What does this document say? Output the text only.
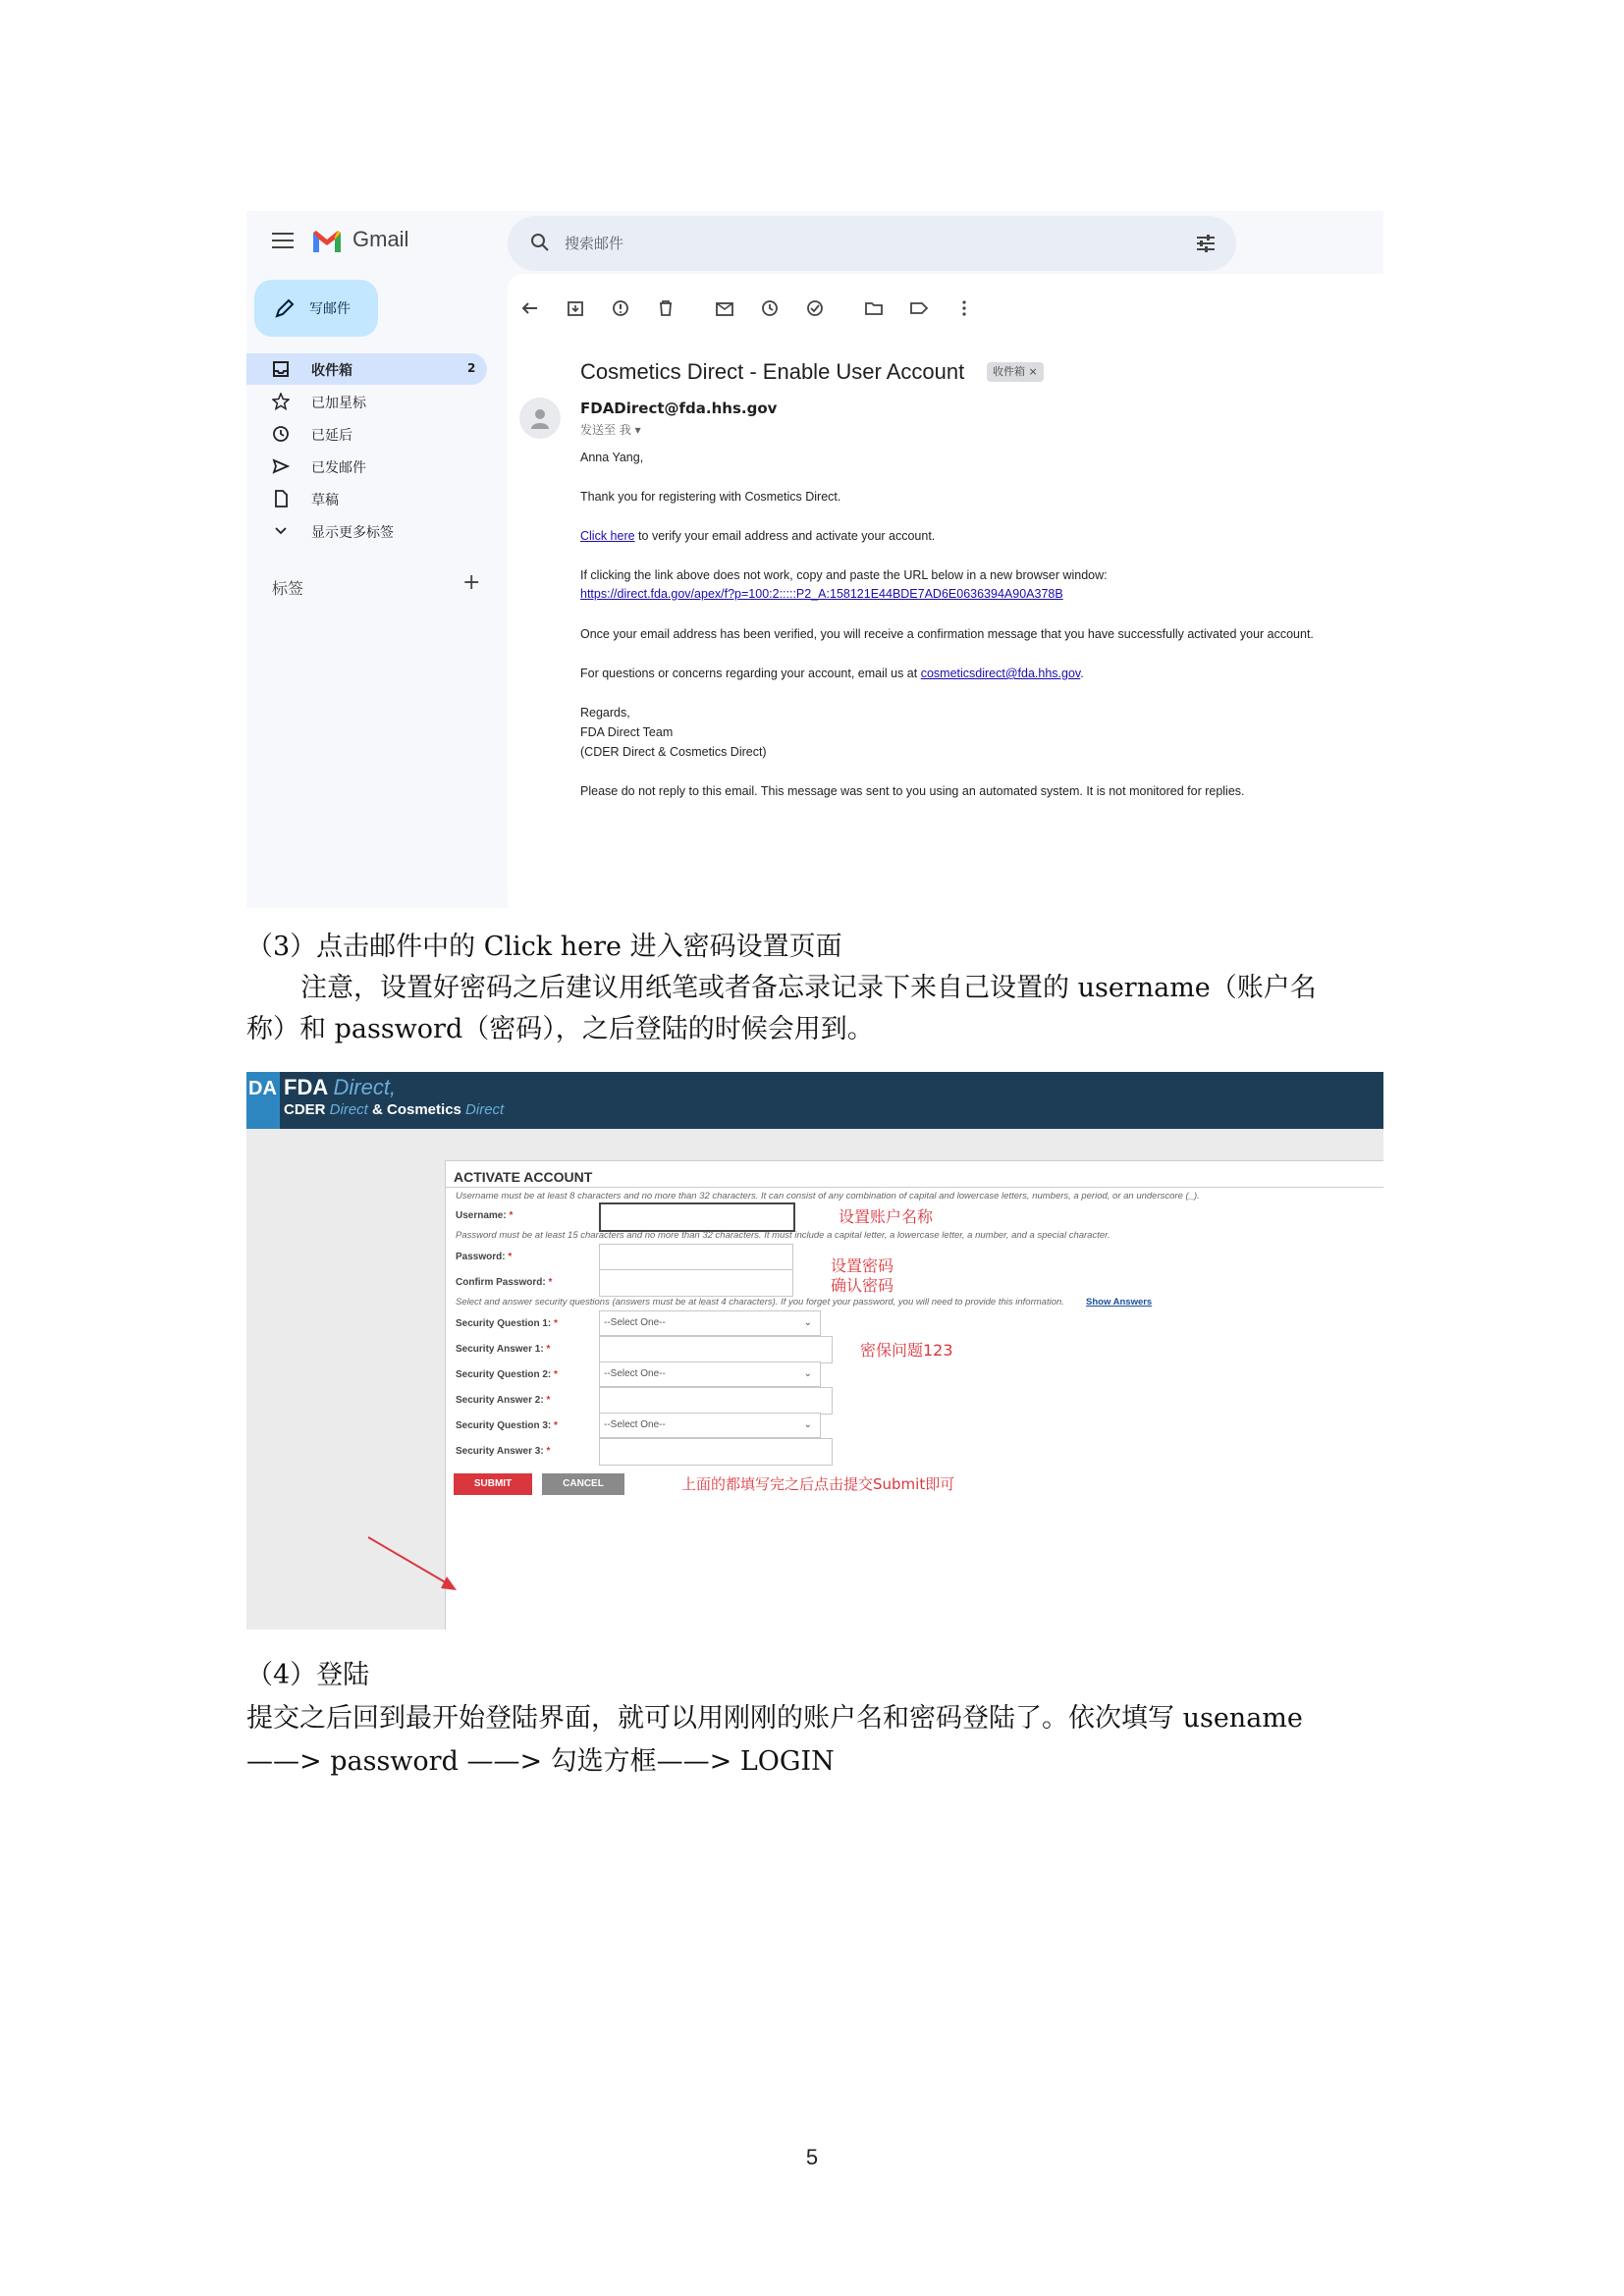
Gmail	搜索邮件
写邮件
收件箱	2
已加星标
已延后
已发邮件
草稿
显示更多标签
标签	+
Cosmetics Direct - Enable User Account	收件箱 ×
FDADirect@fda.hhs.gov
发送至 我 ▾

Anna Yang,

Thank you for registering with Cosmetics Direct.

Click here to verify your email address and activate your account.

If clicking the link above does not work, copy and paste the URL below in a new browser window:

https://direct.fda.gov/apex/f?p=100:2:::::P2_A:158121E44BDE7AD6E0636394A90A378B

Once your email address has been verified, you will receive a confirmation message that you have successfully activated your account.

For questions or concerns regarding your account, email us at cosmeticsdirect@fda.hhs.gov.

Regards,

FDA Direct Team

(CDER Direct & Cosmetics Direct)

Please do not reply to this email. This message was sent to you using an automated system. It is not monitored for replies.

（3）点击邮件中的 Click here 进入密码设置页面
注意，设置好密码之后建议用纸笔或者备忘录记录下来自己设置的 username（账户名
称）和 password（密码），之后登陆的时候会用到。
DA FDA Direct,
CDER Direct & Cosmetics Direct
ACTIVATE ACCOUNT
Username must be at least 8 characters and no more than 32 characters. It can consist of any combination of capital and lowercase letters, numbers, a period, or an underscore (_).
Username: *	设置账户名称
Password must be at least 15 characters and no more than 32 characters. It must include a capital letter, a lowercase letter, a number, and a special character.
Password: *	设置密码
Confirm Password: *	确认密码
Select and answer security questions (answers must be at least 4 characters). If you forget your password, you will need to provide this information. Show Answers
Security Question 1: *	--Select One--	⌄
Security Answer 1: *	密保问题123
Security Question 2: *	--Select One--	⌄
Security Answer 2: *
Security Question 3: *	--Select One--	⌄
Security Answer 3: *
SUBMIT	CANCEL	上面的都填写完之后点击提交Submit即可
（4）登陆
提交之后回到最开始登陆界面，就可以用刚刚的账户名和密码登陆了。依次填写 usename
——> password ——> 勾选方框——> LOGIN
5
